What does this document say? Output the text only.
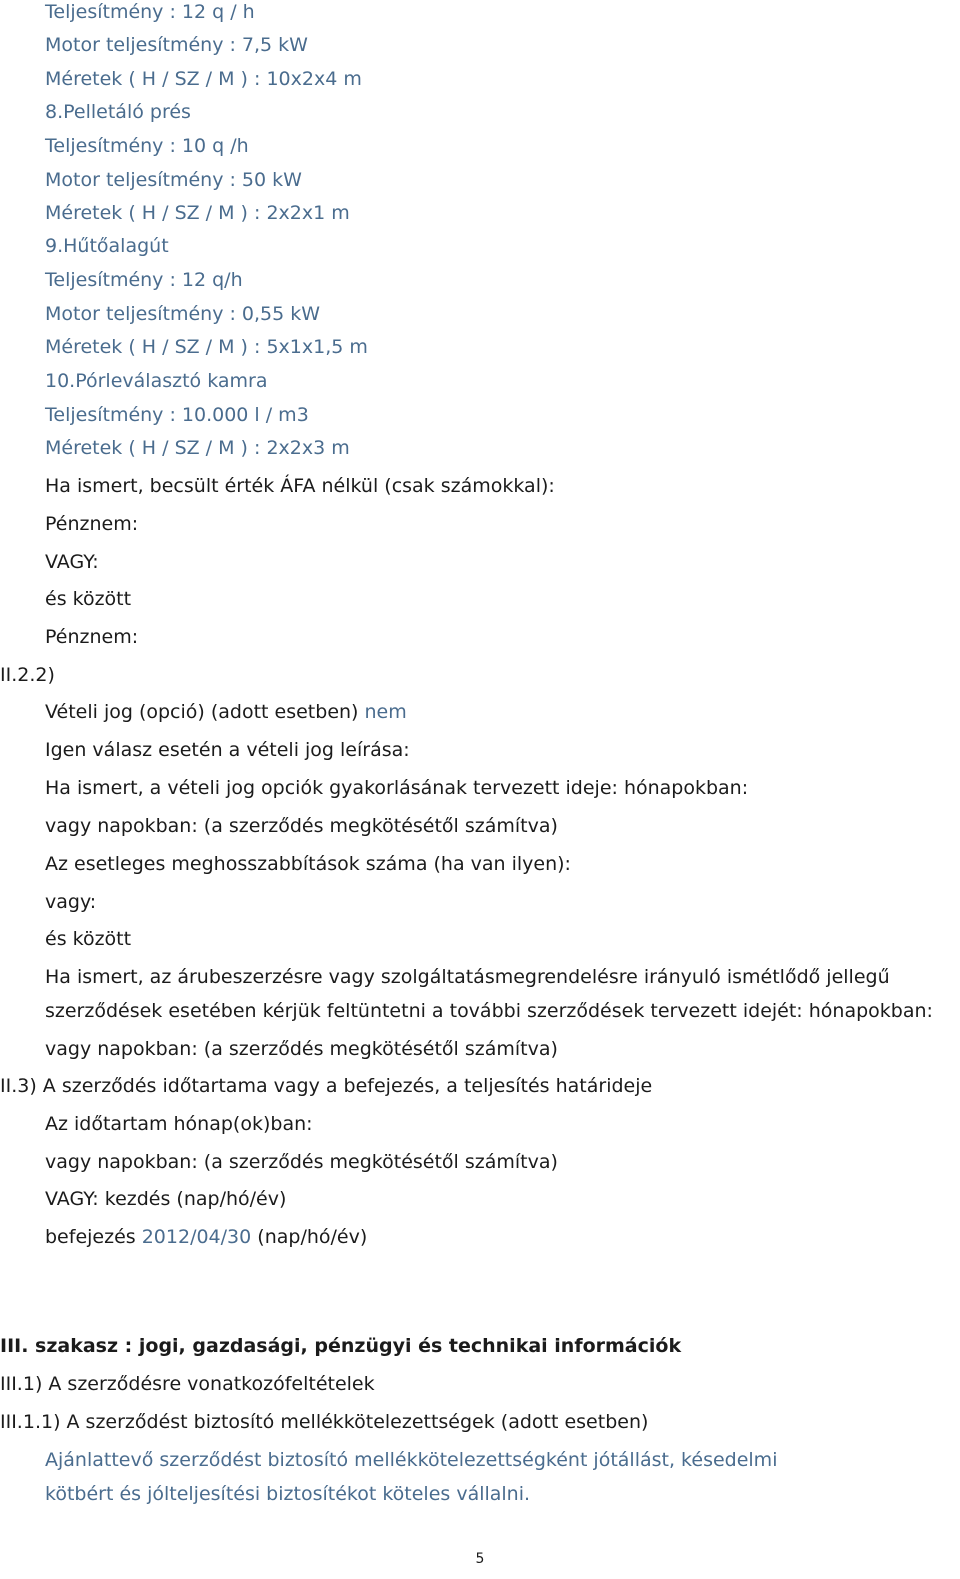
Teljesítmény : 12 q / h
Motor teljesítmény : 7,5 kW
Méretek ( H / SZ / M ) : 10x2x4 m
8.Pelletáló prés
Teljesítmény : 10 q /h
Motor teljesítmény : 50 kW
Méretek ( H / SZ / M ) : 2x2x1 m
9.Hűtőalagút
Teljesítmény : 12 q/h
Motor teljesítmény : 0,55 kW
Méretek ( H / SZ / M ) : 5x1x1,5 m
10.Pórleválasztó kamra
Teljesítmény : 10.000 l / m3
Méretek ( H / SZ / M ) : 2x2x3 m
Ha ismert, becsült érték ÁFA nélkül (csak számokkal):
Pénznem:
VAGY:
és között
Pénznem:
II.2.2)
Vételi jog (opció) (adott esetben) nem
Igen válasz esetén a vételi jog leírása:
Ha ismert, a vételi jog opciók gyakorlásának tervezett ideje: hónapokban:
vagy napokban: (a szerződés megkötésétől számítva)
Az esetleges meghosszabbítások száma (ha van ilyen):
vagy:
és között
Ha ismert, az árubeszerzésre vagy szolgáltatásmegrendelésre irányuló ismétlődő jellegű
szerződések esetében kérjük feltüntetni a további szerződések tervezett idejét: hónapokban:
vagy napokban: (a szerződés megkötésétől számítva)
II.3) A szerződés időtartama vagy a befejezés, a teljesítés határideje
Az időtartam hónap(ok)ban:
vagy napokban: (a szerződés megkötésétől számítva)
VAGY: kezdés (nap/hó/év)
befejezés 2012/04/30 (nap/hó/év)
III. szakasz : jogi, gazdasági, pénzügyi és technikai információk
III.1) A szerződésre vonatkozófeltételek
III.1.1) A szerződést biztosító mellékkötelezettségek (adott esetben)
Ajánlattevő szerződést biztosító mellékkötelezettségként jótállást, késedelmi
kötbért és jólteljesítési biztosítékot köteles vállalni.
5
